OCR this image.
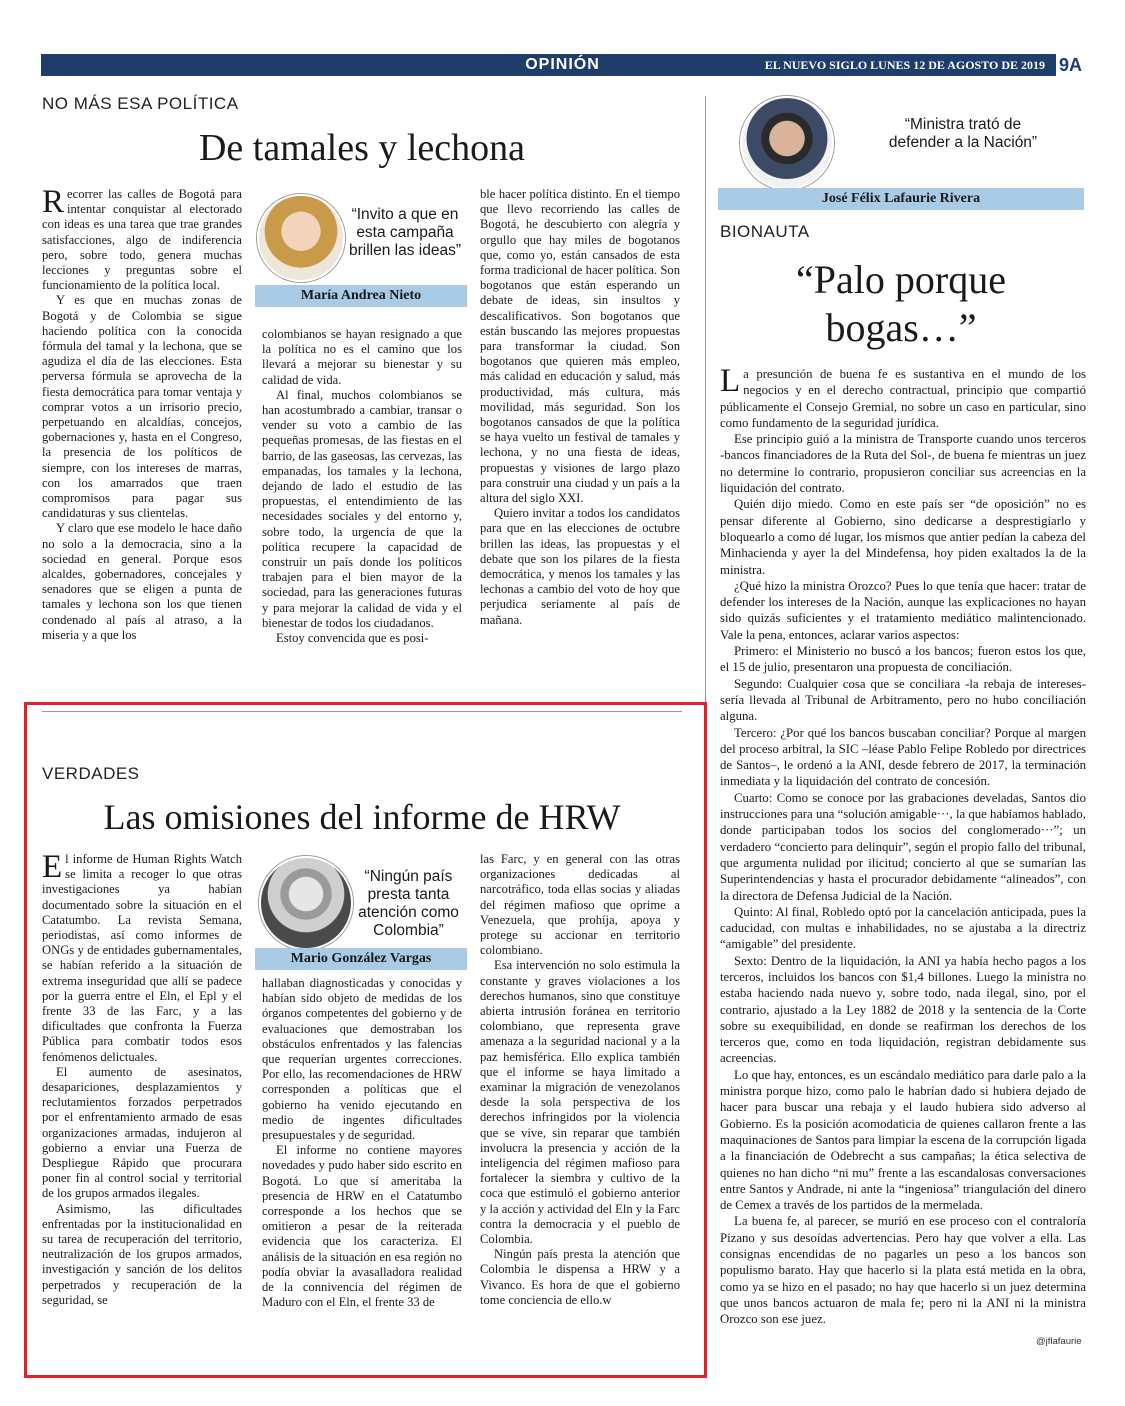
OPINIÓN	EL NUEVO SIGLO LUNES 12 DE AGOSTO DE 2019 9A
NO MÁS ESA POLÍTICA
De tamales y lechona

Recorrer las calles de Bogotá para intentar conquistar al electorado con ideas es una tarea que trae grandes satisfacciones, algo de indiferencia pero, sobre todo, genera muchas lecciones y preguntas sobre el funcionamiento de la política local.

Y es que en muchas zonas de Bogotá y de Colombia se sigue haciendo política con la conocida fórmula del tamal y la lechona, que se agudiza el día de las elecciones. Esta perversa fórmula se aprovecha de la fiesta democrática para tomar ventaja y comprar votos a un irrisorio precio, perpetuando en alcaldías, concejos, gobernaciones y, hasta en el Congreso, la presencia de los políticos de siempre, con los intereses de marras, con los amarrados que traen compromisos para pagar sus candidaturas y sus clientelas.

Y claro que ese modelo le hace daño no solo a la democracia, sino a la sociedad en general. Porque esos alcaldes, gobernadores, concejales y senadores que se eligen a punta de tamales y lechona son los que tienen condenado al país al atraso, a la miseria y a que los

“Invito a que en esta campaña brillen las ideas”
María Andrea Nieto

colombianos se hayan resignado a que la política no es el camino que los llevará a mejorar su bienestar y su calidad de vida.

Al final, muchos colombianos se han acostumbrado a cambiar, transar o vender su voto a cambio de las pequeñas promesas, de las fiestas en el barrio, de las gaseosas, las cervezas, las empanadas, los tamales y la lechona, dejando de lado el estudio de las propuestas, el entendimiento de las necesidades sociales y del entorno y, sobre todo, la urgencia de que la política recupere la capacidad de construir un país donde los políticos trabajen para el bien mayor de la sociedad, para las generaciones futuras y para mejorar la calidad de vida y el bienestar de todos los ciudadanos.

Estoy convencida que es posi-

ble hacer política distinto. En el tiempo que llevo recorriendo las calles de Bogotá, he descubierto con alegría y orgullo que hay miles de bogotanos que, como yo, están cansados de esta forma tradicional de hacer política. Son bogotanos que están esperando un debate de ideas, sin insultos y descalificativos. Son bogotanos que están buscando las mejores propuestas para transformar la ciudad. Son bogotanos que quieren más empleo, más calidad en educación y salud, más productividad, más cultura, más movilidad, más seguridad. Son los bogotanos cansados de que la política se haya vuelto un festival de tamales y lechona, y no una fiesta de ideas, propuestas y visiones de largo plazo para construir una ciudad y un país a la altura del siglo XXI.

Quiero invitar a todos los candidatos para que en las elecciones de octubre brillen las ideas, las propuestas y el debate que son los pilares de la fiesta democrática, y menos los tamales y las lechonas a cambio del voto de hoy que perjudica seriamente al país de mañana.

VERDADES
Las omisiones del informe de HRW

El informe de Human Rights Watch se limita a recoger lo que otras investigaciones ya habían documentado sobre la situación en el Catatumbo. La revista Semana, periodistas, así como informes de ONGs y de entidades gubernamentales, se habían referido a la situación de extrema inseguridad que allí se padece por la guerra entre el Eln, el Epl y el frente 33 de las Farc, y a las dificultades que confronta la Fuerza Pública para combatir todos esos fenómenos delictuales.

El aumento de asesinatos, desapariciones, desplazamientos y reclutamientos forzados perpetrados por el enfrentamiento armado de esas organizaciones armadas, indujeron al gobierno a enviar una Fuerza de Despliegue Rápido que procurara poner fin al control social y territorial de los grupos armados ilegales.

Asimismo, las dificultades enfrentadas por la institucionalidad en su tarea de recuperación del territorio, neutralización de los grupos armados, investigación y sanción de los delitos perpetrados y recuperación de la seguridad, se

“Ningún país presta tanta atención como Colombia”
Mario González Vargas

hallaban diagnosticadas y conocidas y habían sido objeto de medidas de los órganos competentes del gobierno y de evaluaciones que demostraban los obstáculos enfrentados y las falencias que requerían urgentes correcciones. Por ello, las recomendaciones de HRW corresponden a políticas que el gobierno ha venido ejecutando en medio de ingentes dificultades presupuestales y de seguridad.

El informe no contiene mayores novedades y pudo haber sido escrito en Bogotá. Lo que sí ameritaba la presencia de HRW en el Catatumbo corresponde a los hechos que se omitieron a pesar de la reiterada evidencia que los caracteriza. El análisis de la situación en esa región no podía obviar la avasalladora realidad de la connivencia del régimen de Maduro con el Eln, el frente 33 de

las Farc, y en general con las otras organizaciones dedicadas al narcotráfico, toda ellas socias y aliadas del régimen mafioso que oprime a Venezuela, que prohíja, apoya y protege su accionar en territorio colombiano.

Esa intervención no solo estimula la constante y graves violaciones a los derechos humanos, sino que constituye abierta intrusión foránea en territorio colombiano, que representa grave amenaza a la seguridad nacional y a la paz hemisférica. Ello explica también que el informe se haya limitado a examinar la migración de venezolanos desde la sola perspectiva de los derechos infringidos por la violencia que se vive, sin reparar que también involucra la presencia y acción de la inteligencia del régimen mafioso para fortalecer la siembra y cultivo de la coca que estimuló el gobierno anterior y la acción y actividad del Eln y la Farc contra la democracia y el pueblo de Colombia.

Ningún país presta la atención que Colombia le dispensa a HRW y a Vivanco. Es hora de que el gobierno tome conciencia de ello.w

“Ministra trató de defender a la Nación”
José Félix Lafaurie Rivera
BIONAUTA
“Palo porque
bogas…”

La presunción de buena fe es sustantiva en el mundo de los negocios y en el derecho contractual, principio que compartió públicamente el Consejo Gremial, no sobre un caso en particular, sino como fundamento de la seguridad jurídica.

Ese principio guió a la ministra de Transporte cuando unos terceros -bancos financiadores de la Ruta del Sol-, de buena fe mientras un juez no determine lo contrario, propusieron conciliar sus acreencias en la liquidación del contrato.

Quién dijo miedo. Como en este país ser “de oposición” no es pensar diferente al Gobierno, sino dedicarse a desprestigiarlo y bloquearlo a como dé lugar, los mismos que antier pedían la cabeza del Minhacienda y ayer la del Mindefensa, hoy piden exaltados la de la ministra.

¿Qué hizo la ministra Orozco? Pues lo que tenía que hacer: tratar de defender los intereses de la Nación, aunque las explicaciones no hayan sido quizás suficientes y el tratamiento mediático malintencionado. Vale la pena, entonces, aclarar varios aspectos:

Primero: el Ministerio no buscó a los bancos; fueron estos los que, el 15 de julio, presentaron una propuesta de conciliación.

Segundo: Cualquier cosa que se conciliara -la rebaja de intereses- sería llevada al Tribunal de Arbitramento, pero no hubo conciliación alguna.

Tercero: ¿Por qué los bancos buscaban conciliar? Porque al margen del proceso arbitral, la SIC –léase Pablo Felipe Robledo por directrices de Santos–, le ordenó a la ANI, desde febrero de 2017, la terminación inmediata y la liquidación del contrato de concesión.

Cuarto: Como se conoce por las grabaciones develadas, Santos dio instrucciones para una “solución amigable···, la que habíamos hablado, donde participaban todos los socios del conglomerado···”; un verdadero “concierto para delinquir”, según el propio fallo del tribunal, que argumenta nulidad por ilicitud; concierto al que se sumarían las Superintendencias y hasta el procurador debidamente “alineados”, con la directora de Defensa Judicial de la Nación.

Quinto: Al final, Robledo optó por la cancelación anticipada, pues la caducidad, con multas e inhabilidades, no se ajustaba a la directriz “amigable” del presidente.

Sexto: Dentro de la liquidación, la ANI ya había hecho pagos a los terceros, incluidos los bancos con $1,4 billones. Luego la ministra no estaba haciendo nada nuevo y, sobre todo, nada ilegal, sino, por el contrario, ajustado a la Ley 1882 de 2018 y la sentencia de la Corte sobre su exequibilidad, en donde se reafirman los derechos de los terceros que, como en toda liquidación, registran debidamente sus acreencias.

Lo que hay, entonces, es un escándalo mediático para darle palo a la ministra porque hizo, como palo le habrían dado si hubiera dejado de hacer para buscar una rebaja y el laudo hubiera sido adverso al Gobierno. Es la posición acomodaticia de quienes callaron frente a las maquinaciones de Santos para limpiar la escena de la corrupción ligada a la financiación de Odebrecht a sus campañas; la ética selectiva de quienes no han dicho “ni mu” frente a las escandalosas conversaciones entre Santos y Andrade, ni ante la “ingeniosa” triangulación del dinero de Cemex a través de los partidos de la mermelada.

La buena fe, al parecer, se murió en ese proceso con el contraloría Pizano y sus desoídas advertencias. Pero hay que volver a ella. Las consignas encendidas de no pagarles un peso a los bancos son populismo barato. Hay que hacerlo si la plata está metida en la obra, como ya se hizo en el pasado; no hay que hacerlo si un juez determina que unos bancos actuaron de mala fe; pero ni la ANI ni la ministra Orozco son ese juez.

@jflafaurie
